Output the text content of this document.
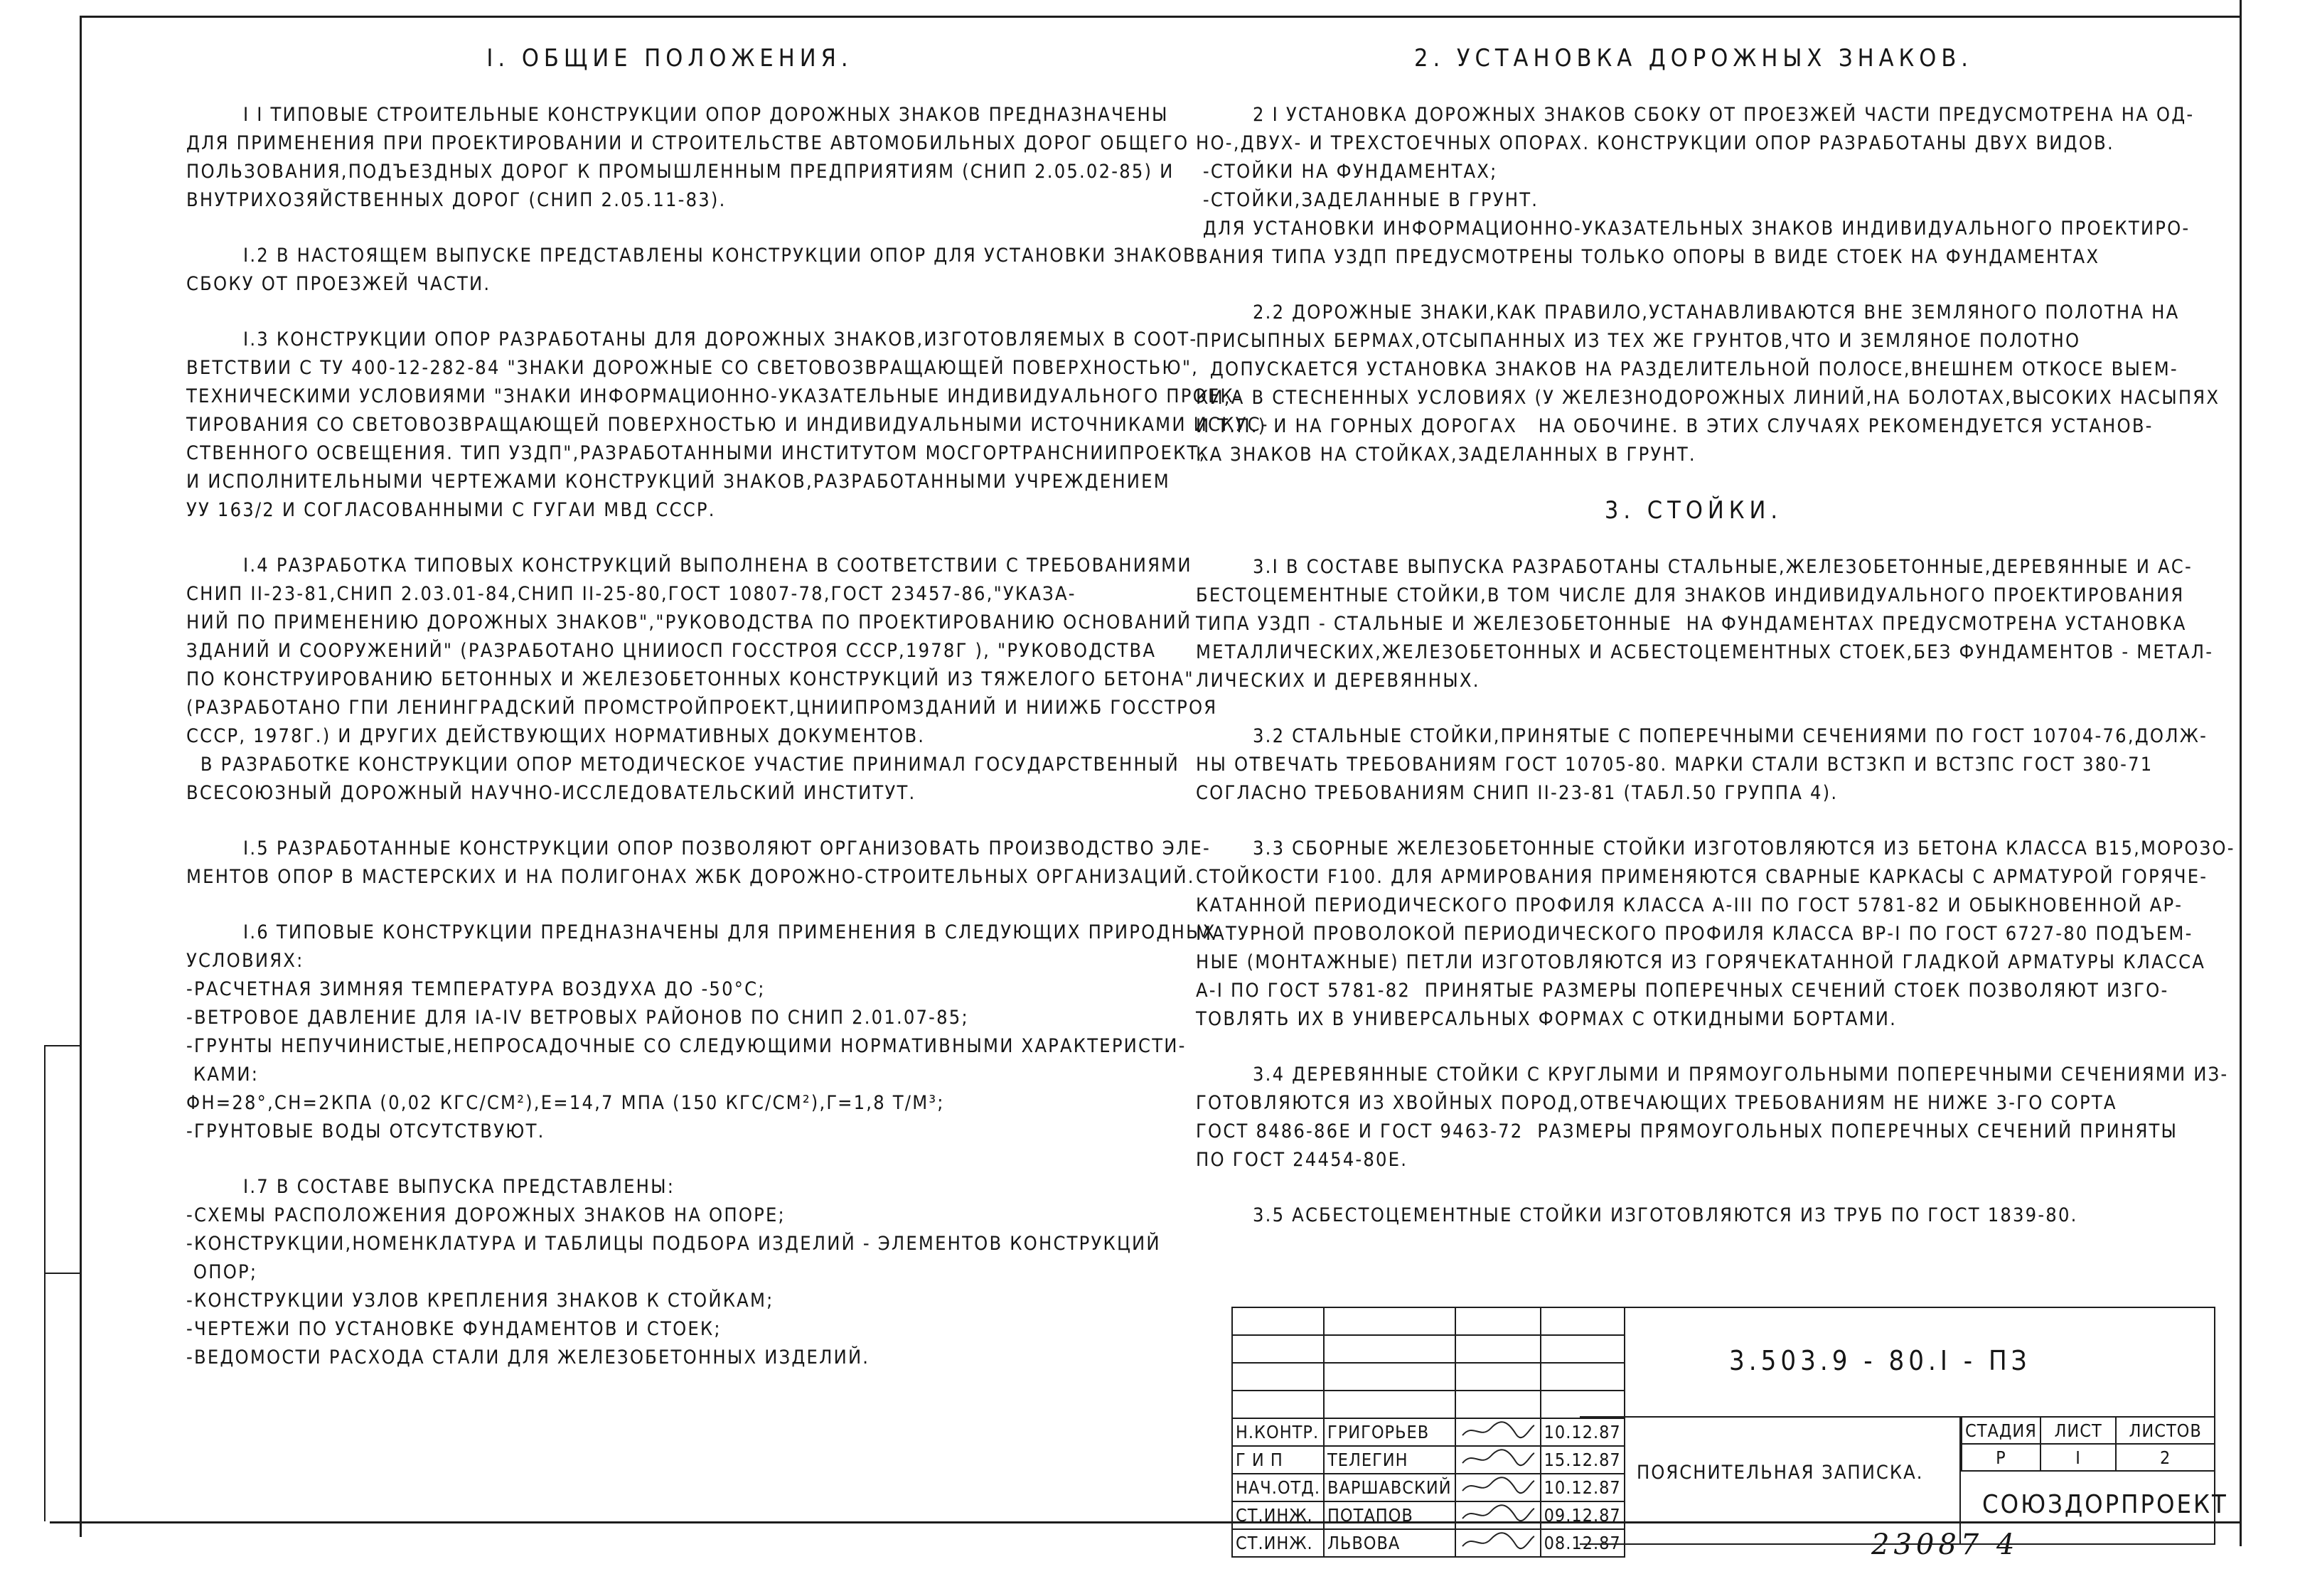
I. ОБЩИЕ ПОЛОЖЕНИЯ.
I I ТИПОВЫЕ СТРОИТЕЛЬНЫЕ КОНСТРУКЦИИ ОПОР ДОРОЖНЫХ ЗНАКОВ ПРЕДНАЗНАЧЕНЫ
ДЛЯ ПРИМЕНЕНИЯ ПРИ ПРОЕКТИРОВАНИИ И СТРОИТЕЛЬСТВЕ АВТОМОБИЛЬНЫХ ДОРОГ ОБЩЕГО
ПОЛЬЗОВАНИЯ,ПОДЪЕЗДНЫХ ДОРОГ К ПРОМЫШЛЕННЫМ ПРЕДПРИЯТИЯМ (СНИП 2.05.02-85) И
ВНУТРИХОЗЯЙСТВЕННЫХ ДОРОГ (СНИП 2.05.11-83).
I.2 В НАСТОЯЩЕМ ВЫПУСКЕ ПРЕДСТАВЛЕНЫ КОНСТРУКЦИИ ОПОР ДЛЯ УСТАНОВКИ ЗНАКОВ
СБОКУ ОТ ПРОЕЗЖЕЙ ЧАСТИ.
I.3 КОНСТРУКЦИИ ОПОР РАЗРАБОТАНЫ ДЛЯ ДОРОЖНЫХ ЗНАКОВ,ИЗГОТОВЛЯЕМЫХ В СООТ-
ВЕТСТВИИ С ТУ 400-12-282-84 "ЗНАКИ ДОРОЖНЫЕ СО СВЕТОВОЗВРАЩАЮЩЕЙ ПОВЕРХНОСТЬЮ",
ТЕХНИЧЕСКИМИ УСЛОВИЯМИ "ЗНАКИ ИНФОРМАЦИОННО-УКАЗАТЕЛЬНЫЕ ИНДИВИДУАЛЬНОГО ПРОЕК-
ТИРОВАНИЯ СО СВЕТОВОЗВРАЩАЮЩЕЙ ПОВЕРХНОСТЬЮ И ИНДИВИДУАЛЬНЫМИ ИСТОЧНИКАМИ ИСКУС-
СТВЕННОГО ОСВЕЩЕНИЯ. ТИП УЗДП",РАЗРАБОТАННЫМИ ИНСТИТУТОМ МОСГОРТРАНСНИИПРОЕКТ,
И ИСПОЛНИТЕЛЬНЫМИ ЧЕРТЕЖАМИ КОНСТРУКЦИЙ ЗНАКОВ,РАЗРАБОТАННЫМИ УЧРЕЖДЕНИЕМ
УУ 163/2 И СОГЛАСОВАННЫМИ С ГУГАИ МВД СССР.
I.4 РАЗРАБОТКА ТИПОВЫХ КОНСТРУКЦИЙ ВЫПОЛНЕНА В СООТВЕТСТВИИ С ТРЕБОВАНИЯМИ
СНИП II-23-81,СНИП 2.03.01-84,СНИП II-25-80,ГОСТ 10807-78,ГОСТ 23457-86,"УКАЗА-
НИЙ ПО ПРИМЕНЕНИЮ ДОРОЖНЫХ ЗНАКОВ","РУКОВОДСТВА ПО ПРОЕКТИРОВАНИЮ ОСНОВАНИЙ
ЗДАНИЙ И СООРУЖЕНИЙ" (РАЗРАБОТАНО ЦНИИОСП ГОССТРОЯ СССР,1978Г ), "РУКОВОДСТВА
ПО КОНСТРУИРОВАНИЮ БЕТОННЫХ И ЖЕЛЕЗОБЕТОННЫХ КОНСТРУКЦИЙ ИЗ ТЯЖЕЛОГО БЕТОНА"
(РАЗРАБОТАНО ГПИ ЛЕНИНГРАДСКИЙ ПРОМСТРОЙПРОЕКТ,ЦНИИПРОМЗДАНИЙ И НИИЖБ ГОССТРОЯ
СССР, 1978Г.) И ДРУГИХ ДЕЙСТВУЮЩИХ НОРМАТИВНЫХ ДОКУМЕНТОВ.
В РАЗРАБОТКЕ КОНСТРУКЦИИ ОПОР МЕТОДИЧЕСКОЕ УЧАСТИЕ ПРИНИМАЛ ГОСУДАРСТВЕННЫЙ
ВСЕСОЮЗНЫЙ ДОРОЖНЫЙ НАУЧНО-ИССЛЕДОВАТЕЛЬСКИЙ ИНСТИТУТ.
I.5 РАЗРАБОТАННЫЕ КОНСТРУКЦИИ ОПОР ПОЗВОЛЯЮТ ОРГАНИЗОВАТЬ ПРОИЗВОДСТВО ЭЛЕ-
МЕНТОВ ОПОР В МАСТЕРСКИХ И НА ПОЛИГОНАХ ЖБК ДОРОЖНО-СТРОИТЕЛЬНЫХ ОРГАНИЗАЦИЙ.
I.6 ТИПОВЫЕ КОНСТРУКЦИИ ПРЕДНАЗНАЧЕНЫ ДЛЯ ПРИМЕНЕНИЯ В СЛЕДУЮЩИХ ПРИРОДНЫХ
УСЛОВИЯХ:
-РАСЧЕТНАЯ ЗИМНЯЯ ТЕМПЕРАТУРА ВОЗДУХА ДО -50°С;
-ВЕТРОВОЕ ДАВЛЕНИЕ ДЛЯ IА-IV ВЕТРОВЫХ РАЙОНОВ ПО СНИП 2.01.07-85;
-ГРУНТЫ НЕПУЧИНИСТЫЕ,НЕПРОСАДОЧНЫЕ СО СЛЕДУЮЩИМИ НОРМАТИВНЫМИ ХАРАКТЕРИСТИ-
КАМИ:
ΦН=28°,CН=2КПА (0,02 КГС/СМ²),E=14,7 МПА (150 КГС/СМ²),Γ=1,8 Т/М³;
-ГРУНТОВЫЕ ВОДЫ ОТСУТСТВУЮТ.
I.7 В СОСТАВЕ ВЫПУСКА ПРЕДСТАВЛЕНЫ:
-СХЕМЫ РАСПОЛОЖЕНИЯ ДОРОЖНЫХ ЗНАКОВ НА ОПОРЕ;
-КОНСТРУКЦИИ,НОМЕНКЛАТУРА И ТАБЛИЦЫ ПОДБОРА ИЗДЕЛИЙ - ЭЛЕМЕНТОВ КОНСТРУКЦИЙ
ОПОР;
-КОНСТРУКЦИИ УЗЛОВ КРЕПЛЕНИЯ ЗНАКОВ К СТОЙКАМ;
-ЧЕРТЕЖИ ПО УСТАНОВКЕ ФУНДАМЕНТОВ И СТОЕК;
-ВЕДОМОСТИ РАСХОДА СТАЛИ ДЛЯ ЖЕЛЕЗОБЕТОННЫХ ИЗДЕЛИЙ.
2. УСТАНОВКА ДОРОЖНЫХ ЗНАКОВ.
2 I УСТАНОВКА ДОРОЖНЫХ ЗНАКОВ СБОКУ ОТ ПРОЕЗЖЕЙ ЧАСТИ ПРЕДУСМОТРЕНА НА ОД-
НО-,ДВУХ- И ТРЕХСТОЕЧНЫХ ОПОРАХ. КОНСТРУКЦИИ ОПОР РАЗРАБОТАНЫ ДВУХ ВИДОВ.
-СТОЙКИ НА ФУНДАМЕНТАХ;
-СТОЙКИ,ЗАДЕЛАННЫЕ В ГРУНТ.
ДЛЯ УСТАНОВКИ ИНФОРМАЦИОННО-УКАЗАТЕЛЬНЫХ ЗНАКОВ ИНДИВИДУАЛЬНОГО ПРОЕКТИРО-
ВАНИЯ ТИПА УЗДП ПРЕДУСМОТРЕНЫ ТОЛЬКО ОПОРЫ В ВИДЕ СТОЕК НА ФУНДАМЕНТАХ
2.2 ДОРОЖНЫЕ ЗНАКИ,КАК ПРАВИЛО,УСТАНАВЛИВАЮТСЯ ВНЕ ЗЕМЛЯНОГО ПОЛОТНА НА
ПРИСЫПНЫХ БЕРМАХ,ОТСЫПАННЫХ ИЗ ТЕХ ЖЕ ГРУНТОВ,ЧТО И ЗЕМЛЯНОЕ ПОЛОТНО
ДОПУСКАЕТСЯ УСТАНОВКА ЗНАКОВ НА РАЗДЕЛИТЕЛЬНОЙ ПОЛОСЕ,ВНЕШНЕМ ОТКОСЕ ВЫЕМ-
КИ,А В СТЕСНЕННЫХ УСЛОВИЯХ (У ЖЕЛЕЗНОДОРОЖНЫХ ЛИНИЙ,НА БОЛОТАХ,ВЫСОКИХ НАСЫПЯХ
И Т.П.) И НА ГОРНЫХ ДОРОГАХ   НА ОБОЧИНЕ. В ЭТИХ СЛУЧАЯХ РЕКОМЕНДУЕТСЯ УСТАНОВ-
КА ЗНАКОВ НА СТОЙКАХ,ЗАДЕЛАННЫХ В ГРУНТ.
3. СТОЙКИ.
3.I В СОСТАВЕ ВЫПУСКА РАЗРАБОТАНЫ СТАЛЬНЫЕ,ЖЕЛЕЗОБЕТОННЫЕ,ДЕРЕВЯННЫЕ И АС-
БЕСТОЦЕМЕНТНЫЕ СТОЙКИ,В ТОМ ЧИСЛЕ ДЛЯ ЗНАКОВ ИНДИВИДУАЛЬНОГО ПРОЕКТИРОВАНИЯ
ТИПА УЗДП - СТАЛЬНЫЕ И ЖЕЛЕЗОБЕТОННЫЕ  НА ФУНДАМЕНТАХ ПРЕДУСМОТРЕНА УСТАНОВКА
МЕТАЛЛИЧЕСКИХ,ЖЕЛЕЗОБЕТОННЫХ И АСБЕСТОЦЕМЕНТНЫХ СТОЕК,БЕЗ ФУНДАМЕНТОВ - МЕТАЛ-
ЛИЧЕСКИХ И ДЕРЕВЯННЫХ.
3.2 СТАЛЬНЫЕ СТОЙКИ,ПРИНЯТЫЕ С ПОПЕРЕЧНЫМИ СЕЧЕНИЯМИ ПО ГОСТ 10704-76,ДОЛЖ-
НЫ ОТВЕЧАТЬ ТРЕБОВАНИЯМ ГОСТ 10705-80. МАРКИ СТАЛИ ВСТ3КП И ВСТ3ПС ГОСТ 380-71
СОГЛАСНО ТРЕБОВАНИЯМ СНИП II-23-81 (ТАБЛ.50 ГРУППА 4).
3.3 СБОРНЫЕ ЖЕЛЕЗОБЕТОННЫЕ СТОЙКИ ИЗГОТОВЛЯЮТСЯ ИЗ БЕТОНА КЛАССА B15,МОРОЗО-
СТОЙКОСТИ F100. ДЛЯ АРМИРОВАНИЯ ПРИМЕНЯЮТСЯ СВАРНЫЕ КАРКАСЫ С АРМАТУРОЙ ГОРЯЧЕ-
КАТАННОЙ ПЕРИОДИЧЕСКОГО ПРОФИЛЯ КЛАССА А-III ПО ГОСТ 5781-82 И ОБЫКНОВЕННОЙ АР-
МАТУРНОЙ ПРОВОЛОКОЙ ПЕРИОДИЧЕСКОГО ПРОФИЛЯ КЛАССА ВР-I ПО ГОСТ 6727-80 ПОДЪЕМ-
НЫЕ (МОНТАЖНЫЕ) ПЕТЛИ ИЗГОТОВЛЯЮТСЯ ИЗ ГОРЯЧЕКАТАННОЙ ГЛАДКОЙ АРМАТУРЫ КЛАССА
А-I ПО ГОСТ 5781-82  ПРИНЯТЫЕ РАЗМЕРЫ ПОПЕРЕЧНЫХ СЕЧЕНИЙ СТОЕК ПОЗВОЛЯЮТ ИЗГО-
ТОВЛЯТЬ ИХ В УНИВЕРСАЛЬНЫХ ФОРМАХ С ОТКИДНЫМИ БОРТАМИ.
3.4 ДЕРЕВЯННЫЕ СТОЙКИ С КРУГЛЫМИ И ПРЯМОУГОЛЬНЫМИ ПОПЕРЕЧНЫМИ СЕЧЕНИЯМИ ИЗ-
ГОТОВЛЯЮТСЯ ИЗ ХВОЙНЫХ ПОРОД,ОТВЕЧАЮЩИХ ТРЕБОВАНИЯМ НЕ НИЖЕ 3-ГО СОРТА
ГОСТ 8486-86Е И ГОСТ 9463-72  РАЗМЕРЫ ПРЯМОУГОЛЬНЫХ ПОПЕРЕЧНЫХ СЕЧЕНИЙ ПРИНЯТЫ
ПО ГОСТ 24454-80Е.
3.5 АСБЕСТОЦЕМЕНТНЫЕ СТОЙКИ ИЗГОТОВЛЯЮТСЯ ИЗ ТРУБ ПО ГОСТ 1839-80.

Н.КОНТР.	ГРИГОРЬЕВ		10.12.87
Г И П	ТЕЛЕГИН		15.12.87
НАЧ.ОТД.	ВАРШАВСКИЙ		10.12.87
СТ.ИНЖ.	ПОТАПОВ		09.12.87
СТ.ИНЖ.	ЛЬВОВА		08.12.87
3.503.9 - 80.I - ПЗ
ПОЯСНИТЕЛЬНАЯ ЗАПИСКА.
СТАДИЯ	ЛИСТ	ЛИСТОВ
Р	I	2
СОЮЗДОРПРОЕКТ
23087 4
